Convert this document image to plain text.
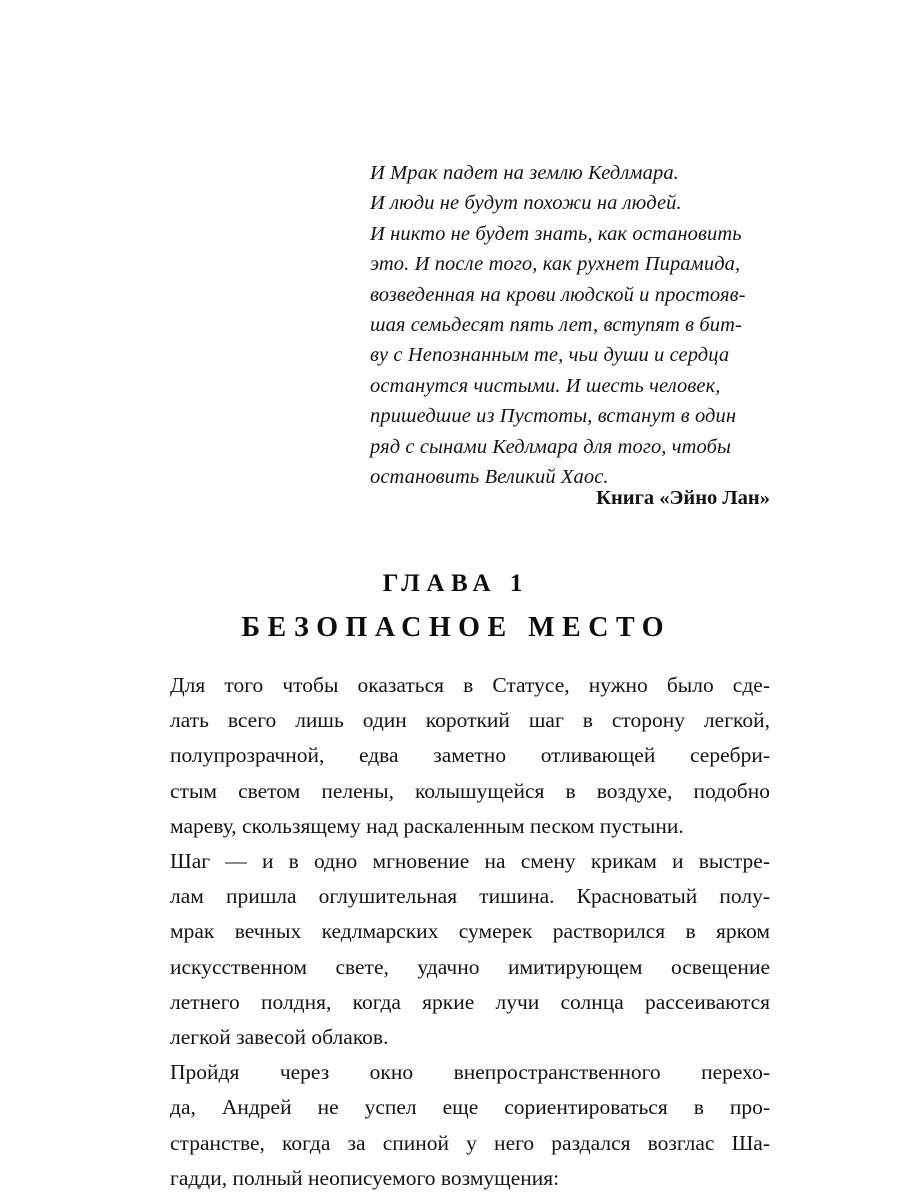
И Мрак падет на землю Кедлмара.
И люди не будут похожи на людей.
И никто не будет знать, как остановить
это. И после того, как рухнет Пирамида,
возведенная на крови людской и простояв-
шая семьдесят пять лет, вступят в бит-
ву с Непознанным те, чьи души и сердца
останутся чистыми. И шесть человек,
пришедшие из Пустоты, встанут в один
ряд с сынами Кедлмара для того, чтобы
остановить Великий Хаос.
Книга «Эйно Лан»
ГЛАВА 1
БЕЗОПАСНОЕ МЕСТО

Для того чтобы оказаться в Статусе, нужно было сде-
лать всего лишь один короткий шаг в сторону легкой,
полупрозрачной, едва заметно отливающей серебри-
стым светом пелены, колышущейся в воздухе, подобно
мареву, скользящему над раскаленным песком пустыни.

Шаг — и в одно мгновение на смену крикам и выстре-
лам пришла оглушительная тишина. Красноватый полу-
мрак вечных кедлмарских сумерек растворился в ярком
искусственном свете, удачно имитирующем освещение
летнего полдня, когда яркие лучи солнца рассеиваются
легкой завесой облаков.

Пройдя через окно внепространственного перехо-
да, Андрей не успел еще сориентироваться в про-
странстве, когда за спиной у него раздался возглас Ша-
гадди, полный неописуемого возмущения:
